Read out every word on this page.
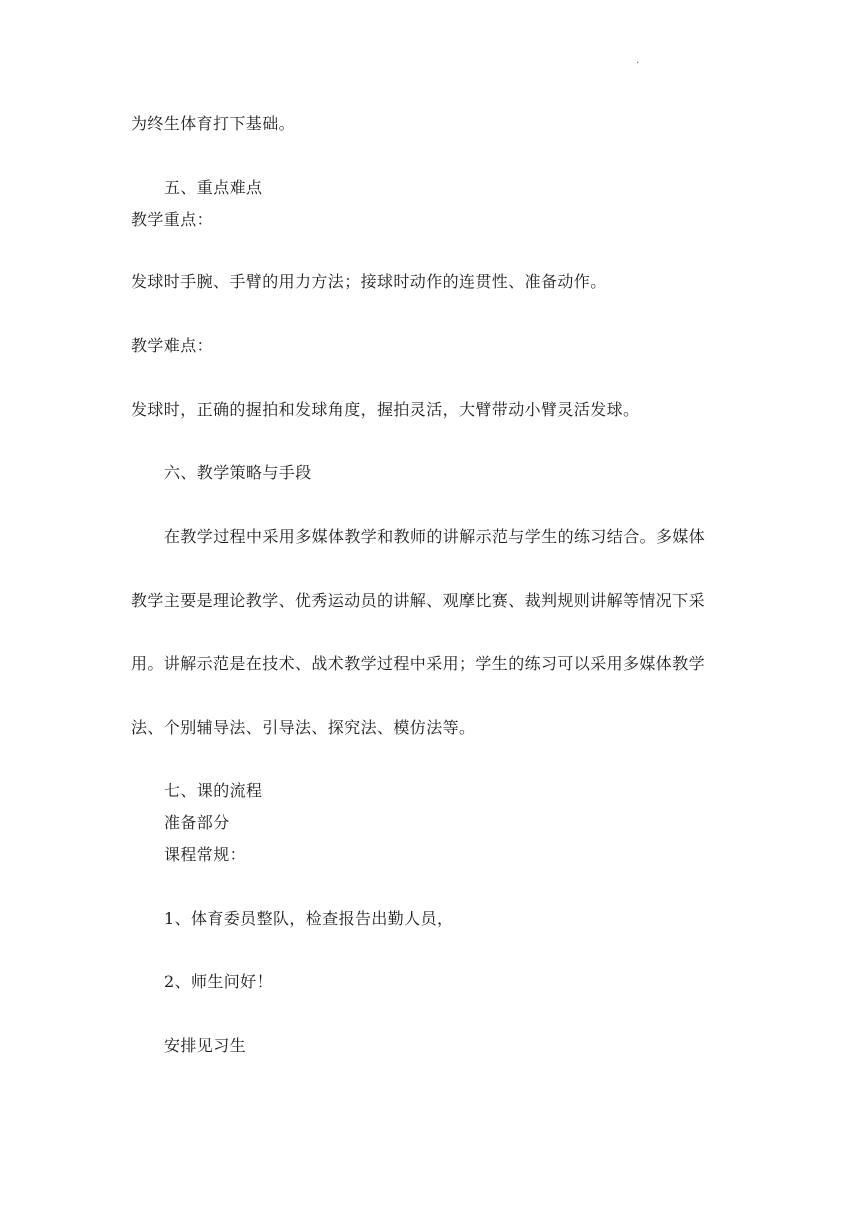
.
为终生体育打下基础。
五、重点难点
教学重点：
发球时手腕、手臂的用力方法；接球时动作的连贯性、准备动作。
教学难点：
发球时，正确的握拍和发球角度，握拍灵活，大臂带动小臂灵活发球。
六、教学策略与手段
在教学过程中采用多媒体教学和教师的讲解示范与学生的练习结合。多媒体
教学主要是理论教学、优秀运动员的讲解、观摩比赛、裁判规则讲解等情况下采
用。讲解示范是在技术、战术教学过程中采用；学生的练习可以采用多媒体教学
法、个别辅导法、引导法、探究法、模仿法等。
七、课的流程
准备部分
课程常规：
1、体育委员整队，检查报告出勤人员，
2、师生问好！
安排见习生
